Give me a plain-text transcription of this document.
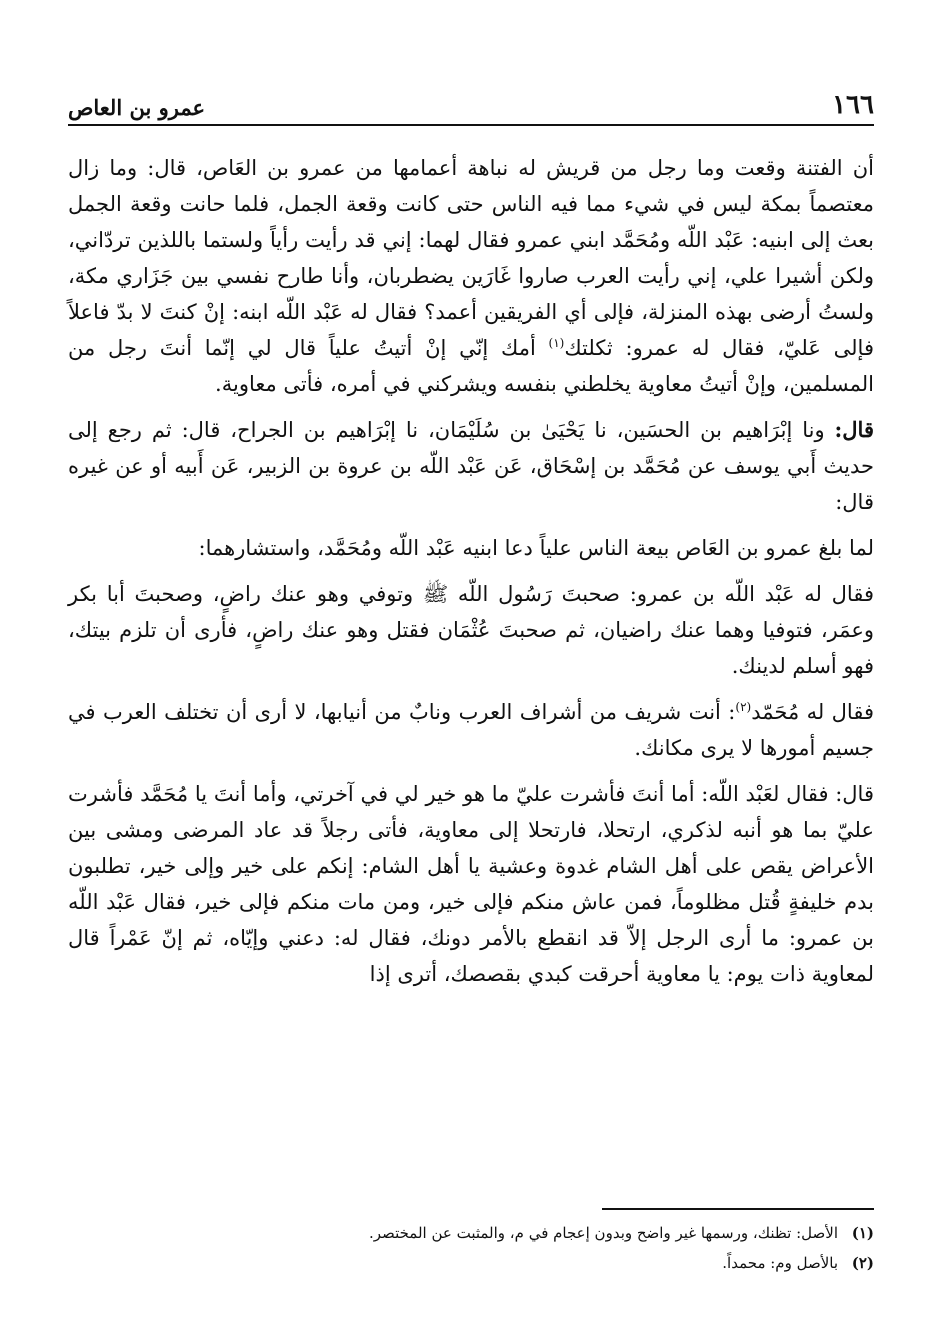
١٦٦
عمرو بن العاص

أن الفتنة وقعت وما رجل من قريش له نباهة أعمامها من عمرو بن العَاص، قال: وما زال معتصماً بمكة ليس في شيء مما فيه الناس حتى كانت وقعة الجمل، فلما حانت وقعة الجمل بعث إلى ابنيه: عَبْد اللّه ومُحَمَّد ابني عمرو فقال لهما: إني قد رأيت رأياً ولستما باللذين تردّاني، ولكن أشيرا علي، إني رأيت العرب صاروا غَارَين يضطربان، وأنا طارح نفسي بين جَزَاري مكة، ولستُ أرضى بهذه المنزلة، فإلى أي الفريقين أعمد؟ فقال له عَبْد اللّه ابنه: إنْ كنتَ لا بدّ فاعلاً فإلى عَليّ، فقال له عمرو: ثكلتك$^{(١)}$ أمك إنّي إنْ أتيتُ علياً قال لي إنّما أنتَ رجل من المسلمين، وإنْ أتيتُ معاوية يخلطني بنفسه ويشركني في أمره، فأتى معاوية.

قال: ونا إبْرَاهيم بن الحسَين، نا يَحْيَىٰ بن سُلَيْمَان، نا إبْرَاهيم بن الجراح، قال: ثم رجع إلى حديث أَبي يوسف عن مُحَمَّد بن إسْحَاق، عَن عَبْد اللّه بن عروة بن الزبير، عَن أَبيه أو عن غيره قال:

لما بلغ عمرو بن العَاص بيعة الناس علياً دعا ابنيه عَبْد اللّه ومُحَمَّد، واستشارهما:

فقال له عَبْد اللّه بن عمرو: صحبتَ رَسُول اللّه ﷺ وتوفي وهو عنك راضٍ، وصحبتَ أبا بكر وعمَر، فتوفيا وهما عنك راضيان، ثم صحبتَ عُثْمَان فقتل وهو عنك راضٍ، فأرى أن تلزم بيتك، فهو أسلم لدينك.

فقال له مُحَمّد$^{(٢)}$: أنت شريف من أشراف العرب ونابٌ من أنيابها، لا أرى أن تختلف العرب في جسيم أمورها لا يرى مكانك.

قال: فقال لعَبْد اللّه: أما أنتَ فأشرت عليّ ما هو خير لي في آخرتي، وأما أنتَ يا مُحَمَّد فأشرت عليّ بما هو أنبه لذكري، ارتحلا، فارتحلا إلى معاوية، فأتى رجلاً قد عاد المرضى ومشى بين الأعراض يقص على أهل الشام غدوة وعشية يا أهل الشام: إنكم على خير وإلى خير، تطلبون بدم خليفةٍ قُتل مظلوماً، فمن عاش منكم فإلى خير، ومن مات منكم فإلى خير، فقال عَبْد اللّه بن عمرو: ما أرى الرجل إلاّ قد انقطع بالأمر دونك، فقال له: دعني وإيّاه، ثم إنّ عَمْراً قال لمعاوية ذات يوم: يا معاوية أحرقت كبدي بقصصك، أترى إذا

(١)الأصل: تظنك، ورسمها غير واضح وبدون إعجام في م، والمثبت عن المختصر.

(٢)بالأصل وم: محمداً.
